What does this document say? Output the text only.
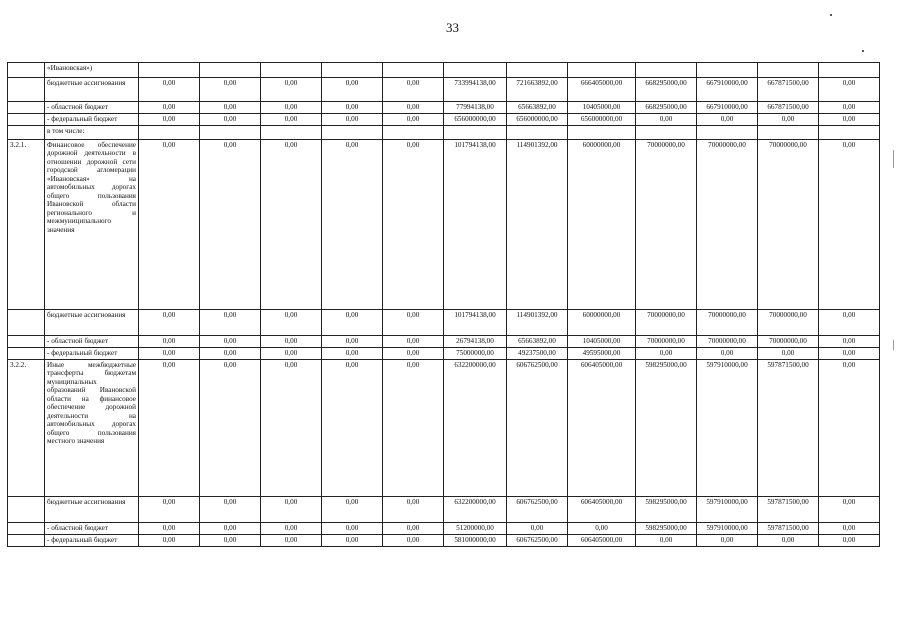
33
	«Ивановская»)												
	бюджетные ассигнования	0,00	0,00	0,00	0,00	0,00	733994138,00	721663892,00	666405000,00	668295000,00	667910000,00	667871500,00	0,00
	- областной бюджет	0,00	0,00	0,00	0,00	0,00	77994138,00	65663892,00	10405000,00	668295000,00	667910000,00	667871500,00	0,00
	- федеральный бюджет	0,00	0,00	0,00	0,00	0,00	656000000,00	656000000,00	656000000,00	0,00	0,00	0,00	0,00
	в том числе:												
3.2.1.	Финансовое обеспечение дорожной деятельности в отношении дорожной сети городской агломерации «Ивановская» на автомобильных дорогах общего пользования Ивановской области регионального и межмуниципального значения	0,00	0,00	0,00	0,00	0,00	101794138,00	114901392,00	60000000,00	70000000,00	70000000,00	70000000,00	0,00
	бюджетные ассигнования	0,00	0,00	0,00	0,00	0,00	101794138,00	114901392,00	60000000,00	70000000,00	70000000,00	70000000,00	0,00
	- областной бюджет	0,00	0,00	0,00	0,00	0,00	26794138,00	65663892,00	10405000,00	70000000,00	70000000,00	70000000,00	0,00
	- федеральный бюджет	0,00	0,00	0,00	0,00	0,00	75000000,00	49237500,00	49595000,00	0,00	0,00	0,00	0,00
3.2.2.	Иные межбюджетные трансферты бюджетам муниципальных образований Ивановской области на финансовое обеспечение дорожной деятельности на автомобильных дорогах общего пользования местного значения	0,00	0,00	0,00	0,00	0,00	632200000,00	606762500,00	606405000,00	598295000,00	597910000,00	597871500,00	0,00
	бюджетные ассигнования	0,00	0,00	0,00	0,00	0,00	632200000,00	606762500,00	606405000,00	598295000,00	597910000,00	597871500,00	0,00
	- областной бюджет	0,00	0,00	0,00	0,00	0,00	51200000,00	0,00	0,00	598295000,00	597910000,00	597871500,00	0,00
	- федеральный бюджет	0,00	0,00	0,00	0,00	0,00	581000000,00	606762500,00	606405000,00	0,00	0,00	0,00	0,00
